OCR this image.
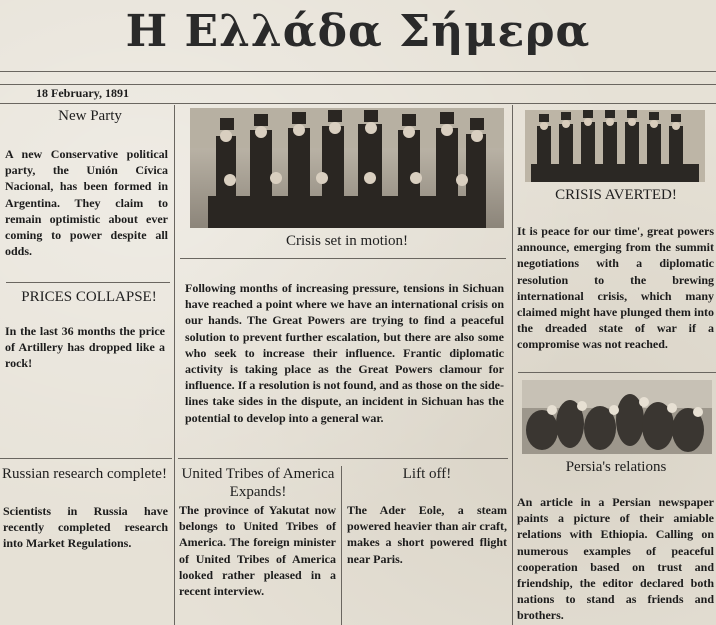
Η Ελλάδα Σήμερα
18 February, 1891
New Party
A new Conservative political party, the Unión Cívica Nacional, has been formed in Argentina. They claim to remain optimistic about ever coming to power despite all odds.
PRICES COLLAPSE!
In the last 36 months the price of Artillery has dropped like a rock!
Russian research complete!
Scientists in Russia have recently completed research into Market Regulations.
Crisis set in motion!
Following months of increasing pressure, tensions in Sichuan have reached a point where we have an international crisis on our hands. The Great Powers are trying to find a peaceful solution to prevent further escalation, but there are also some who seek to increase their influence. Frantic diplomatic activity is taking place as the Great Powers clamour for influence. If a resolution is not found, and as those on the side-lines take sides in the dispute, an incident in Sichuan has the potential to develop into a general war.
United Tribes of America Expands!
The province of Yakutat now belongs to United Tribes of America. The foreign minister of United Tribes of America looked rather pleased in a recent interview.
Lift off!
The Ader Eole, a steam powered heavier than air craft, makes a short powered flight near Paris.
CRISIS AVERTED!
It is peace for our time', great powers announce, emerging from the summit negotiations with a diplomatic resolution to the brewing international crisis, which many claimed might have plunged them into the dreaded state of war if a compromise was not reached.
Persia's relations
An article in a Persian newspaper paints a picture of their amiable relations with Ethiopia. Calling on numerous examples of peaceful cooperation based on trust and friendship, the editor declared both nations to stand as friends and brothers.
